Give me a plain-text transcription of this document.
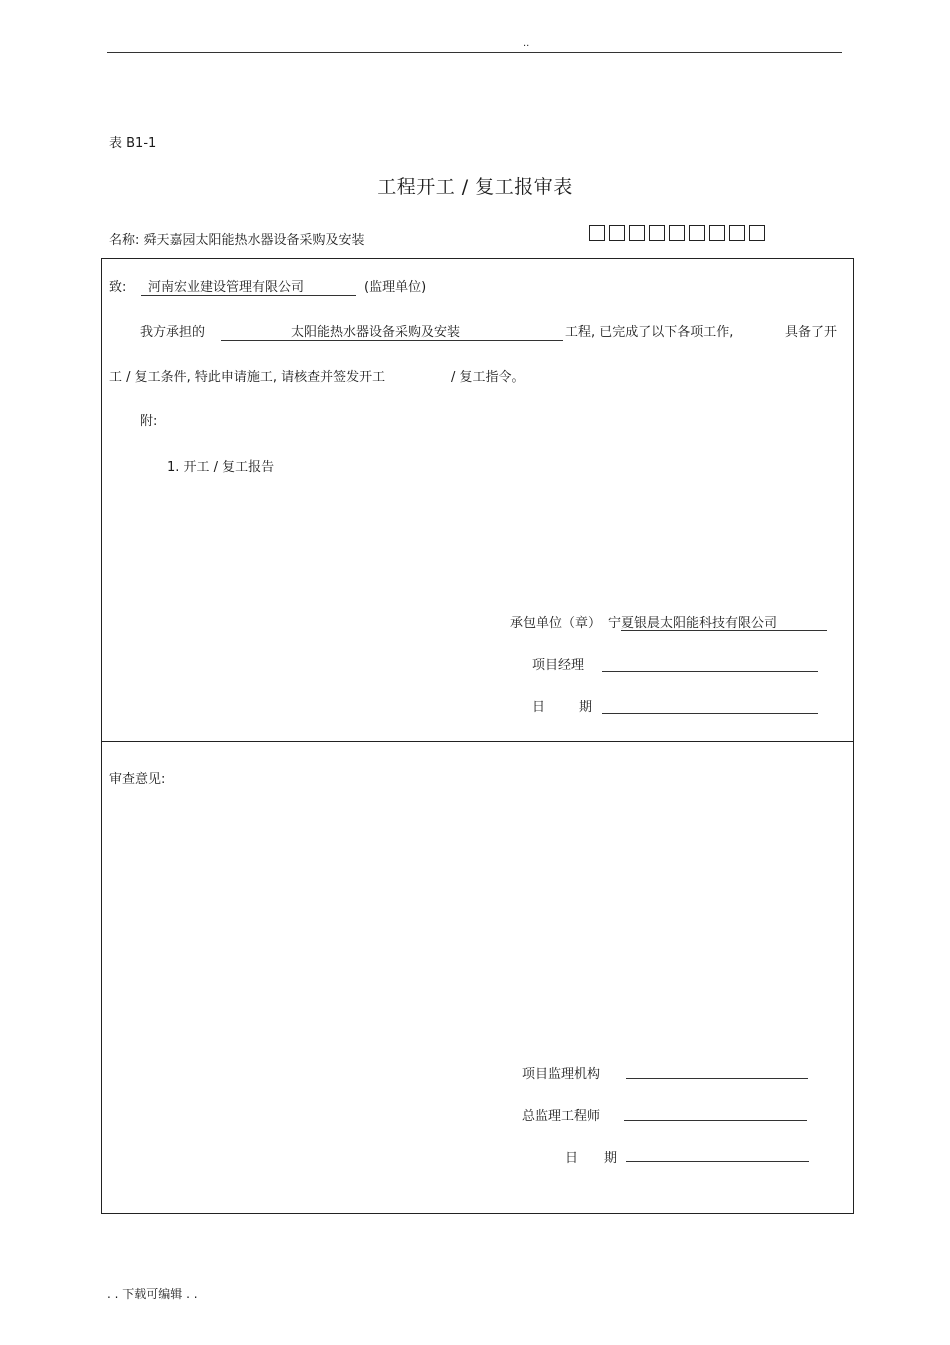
..
表 B1-1
工程开工 / 复工报审表
名称: 舜天嘉园太阳能热水器设备采购及安装
致: 河南宏业建设管理有限公司	(监理单位)
我方承担的	太阳能热水器设备采购及安装	工程, 已完成了以下各项工作,	具备了开
工 / 复工条件, 特此申请施工, 请核查并签发开工	/ 复工指令。
附:
1. 开工 / 复工报告
承包单位（章） 宁夏银晨太阳能科技有限公司
项目经理
日	期
审查意见:
项目监理机构
总监理工程师
日 期
. . 下载可编辑 . .
